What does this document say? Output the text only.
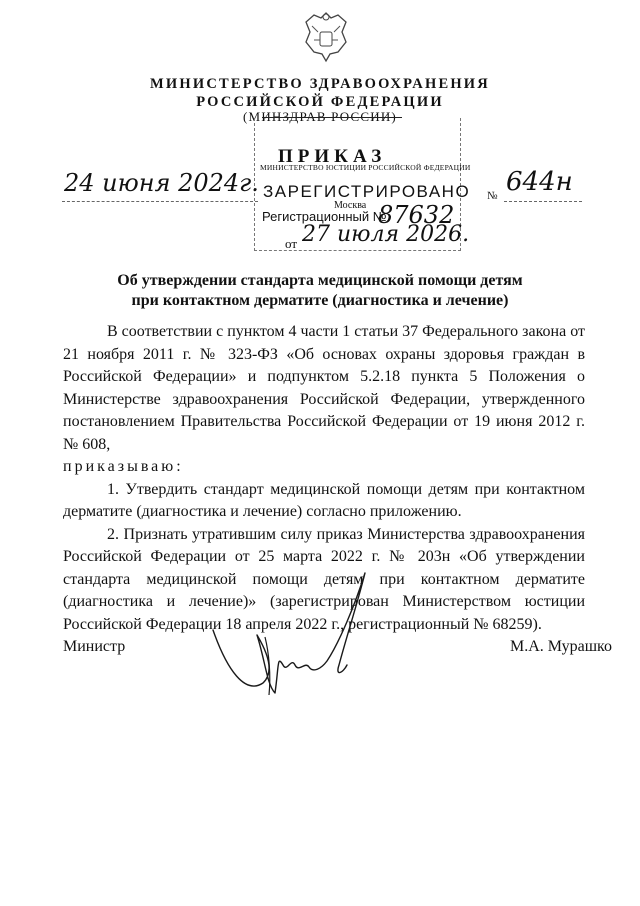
МИНИСТЕРСТВО ЗДРАВООХРАНЕНИЯ
РОССИЙСКОЙ ФЕДЕРАЦИИ
(МИНЗДРАВ РОССИИ)
ПРИКАЗ
МИНИСТЕРСТВО ЮСТИЦИИ РОССИЙСКОЙ ФЕДЕРАЦИИ
ЗАРЕГИСТРИРОВАНО
Москва
Регистрационный №
87632
от 27 июля 2026.
24 июня 2024г.	№ 644н
Об утверждении стандарта медицинской помощи детям
при контактном дерматите (диагностика и лечение)

В соответствии с пунктом 4 части 1 статьи 37 Федерального закона от 21 ноября 2011 г. № 323-ФЗ «Об основах охраны здоровья граждан в Российской Федерации» и подпунктом 5.2.18 пункта 5 Положения о Министерстве здравоохранения Российской Федерации, утвержденного постановлением Правительства Российской Федерации от 19 июня 2012 г. № 608,

приказываю:

1. Утвердить стандарт медицинской помощи детям при контактном дерматите (диагностика и лечение) согласно приложению.

2. Признать утратившим силу приказ Министерства здравоохранения Российской Федерации от 25 марта 2022 г. № 203н «Об утверждении стандарта медицинской помощи детям при контактном дерматите (диагностика и лечение)» (зарегистрирован Министерством юстиции Российской Федерации 18 апреля 2022 г., регистрационный № 68259).

Министр	М.А. Мурашко
